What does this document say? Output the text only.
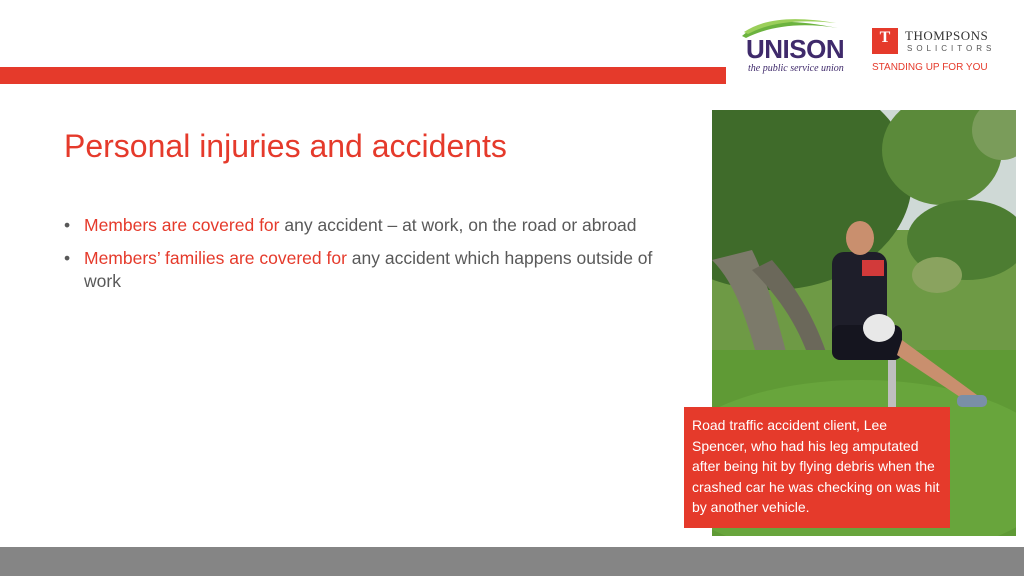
UNISON
the public service union
T	THOMPSONS
SOLICITORS
STANDING UP FOR YOU
Personal injuries and accidents
• Members are covered for any accident – at work, on the road or abroad
• Members’ families are covered for any accident which happens outside of work
Road traffic accident client, Lee Spencer, who had his leg amputated after being hit by flying debris when the crashed car he was checking on was hit by another vehicle.
